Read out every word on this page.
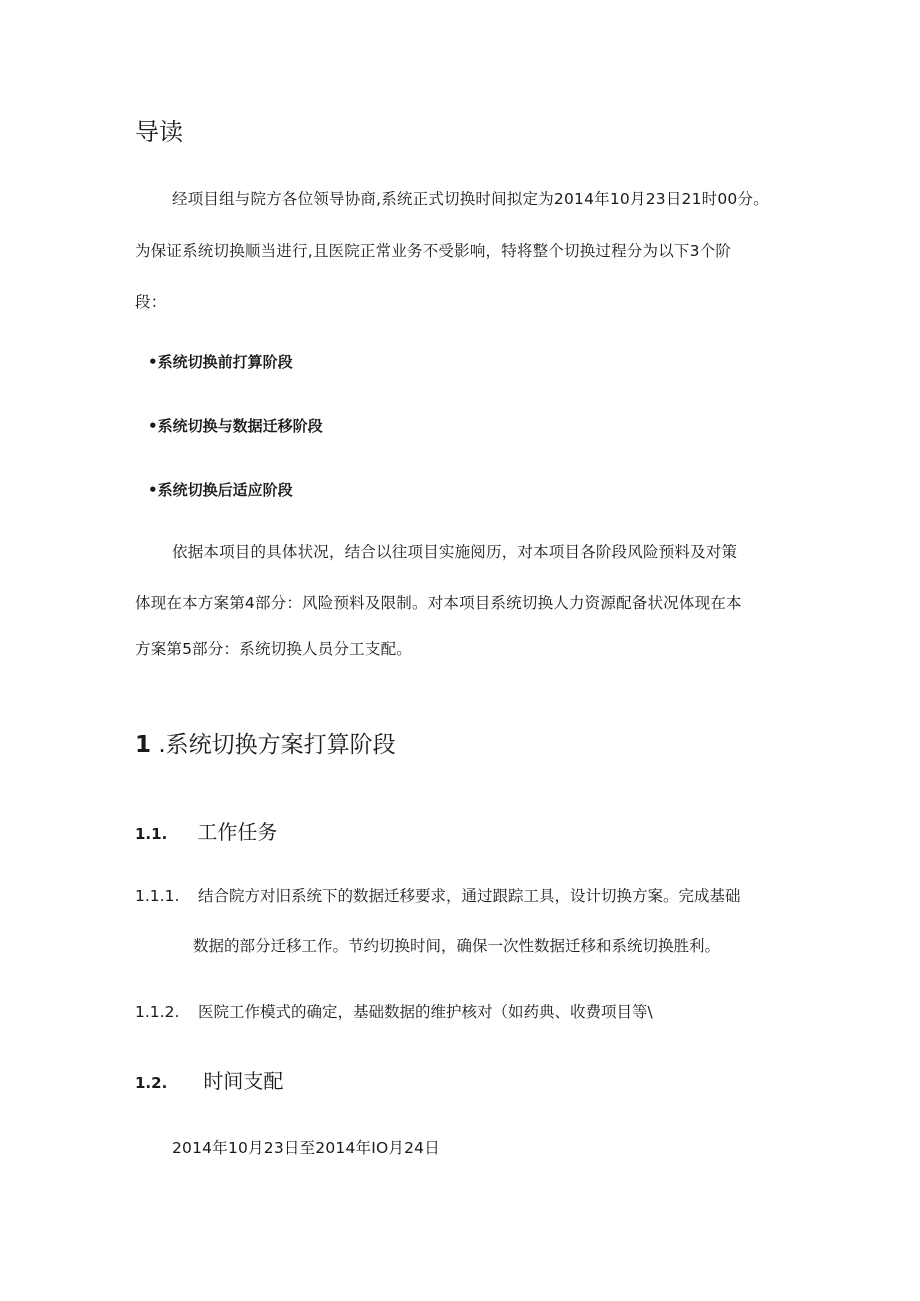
导读
经项目组与院方各位领导协商,系统正式切换时间拟定为2014年10月23日21时00分。
为保证系统切换顺当进行,且医院正常业务不受影响，特将整个切换过程分为以下3个阶
段：
•系统切换前打算阶段
•系统切换与数据迁移阶段
•系统切换后适应阶段
依据本项目的具体状况，结合以往项目实施阅历，对本项目各阶段风险预料及对策
体现在本方案第4部分：风险预料及限制。对本项目系统切换人力资源配备状况体现在本
方案第5部分：系统切换人员分工支配。
1 .系统切换方案打算阶段
1.1. 工作任务
1.1.1. 结合院方对旧系统下的数据迁移要求，通过跟踪工具，设计切换方案。完成基础
数据的部分迁移工作。节约切换时间，确保一次性数据迁移和系统切换胜利。
1.1.2. 医院工作模式的确定，基础数据的维护核对（如药典、收费项目等\
1.2. 时间支配
2014年10月23日至2014年IO月24日
